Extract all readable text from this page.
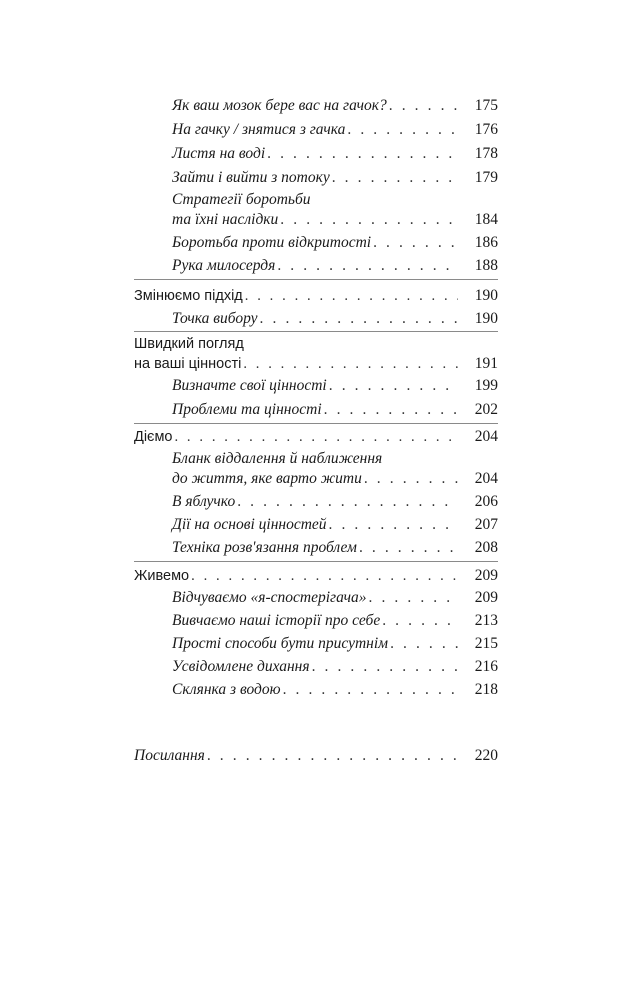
Як ваш мозок бере вас на гачок? . . .	175
На гачку / знятися з гачка . . .	176
Листя на воді . . .	178
Зайти і вийти з потоку . . .	179
Стратегії боротьби
та їхні наслідки . . .	184
Боротьба проти відкритості . . .	186
Рука милосердя . . .	188
Змінюємо підхід . . .	190
Точка вибору . . .	190
Швидкий погляд
на ваші цінності . . .	191
Визначте свої цінності . . .	199
Проблеми та цінності . . .	202
Діємо . . .	204
Бланк віддалення й наближення
до життя, яке варто жити . . .	204
В яблучко . . .	206
Дії на основі цінностей . . .	207
Техніка розв'язання проблем . . .	208
Живемо . . .	209
Відчуваємо «я-спостерігача» . . .	209
Вивчаємо наші історії про себе . . .	213
Прості способи бути присутнім . . .	215
Усвідомлене дихання . . .	216
Склянка з водою . . .	218
Посилання . . .	220
